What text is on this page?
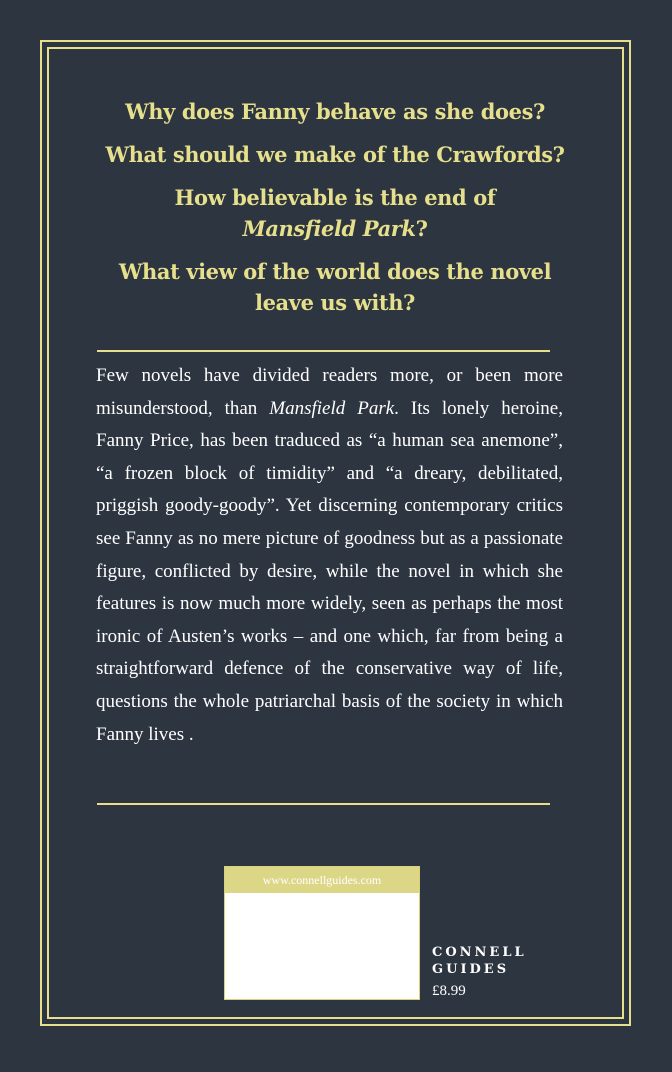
Why does Fanny behave as she does?
What should we make of the Crawfords?
How believable is the end of
Mansfield Park?
What view of the world does the novel
leave us with?
Few novels have divided readers more, or been more misunderstood, than Mansfield Park. Its lonely heroine, Fanny Price, has been traduced as “a human sea anemone”, “a frozen block of timidity” and “a dreary, debilitated, priggish goody-goody”. Yet discerning contemporary critics see Fanny as no mere picture of goodness but as a passionate figure, conflicted by desire, while the novel in which she features is now much more widely, seen as perhaps the most ironic of Austen’s works – and one which, far from being a straightforward defence of the conservative way of life, questions the whole patriarchal basis of the society in which Fanny lives .
www.connellguides.com
CONNELL
GUIDES
£8.99
